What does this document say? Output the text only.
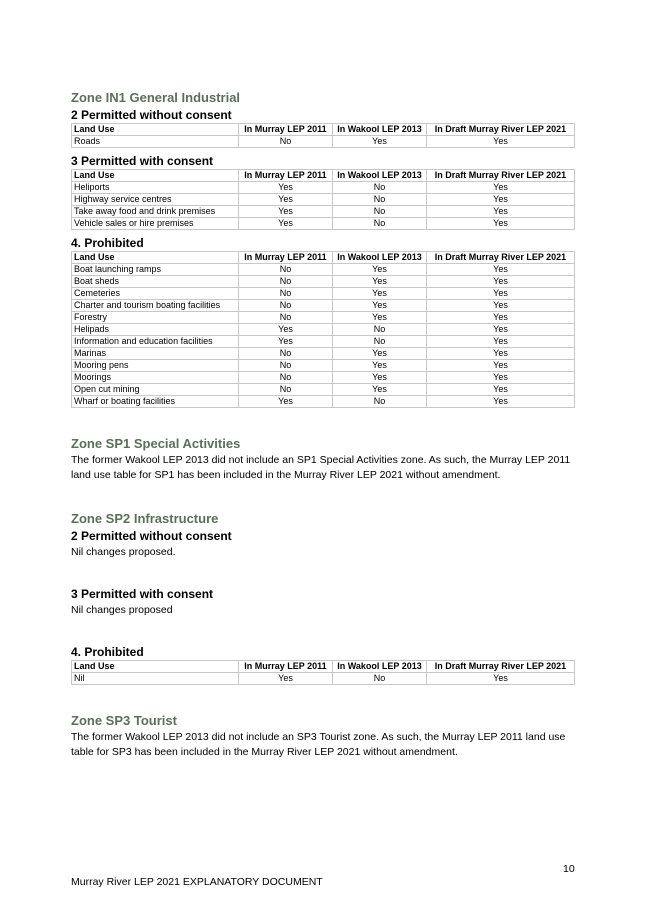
Zone IN1 General Industrial
2 Permitted without consent
Land Use	In Murray LEP 2011	In Wakool LEP 2013	In Draft Murray River LEP 2021
Roads	No	Yes	Yes
3 Permitted with consent
Land Use	In Murray LEP 2011	In Wakool LEP 2013	In Draft Murray River LEP 2021
Heliports	Yes	No	Yes
Highway service centres	Yes	No	Yes
Take away food and drink premises	Yes	No	Yes
Vehicle sales or hire premises	Yes	No	Yes
4. Prohibited
Land Use	In Murray LEP 2011	In Wakool LEP 2013	In Draft Murray River LEP 2021
Boat launching ramps	No	Yes	Yes
Boat sheds	No	Yes	Yes
Cemeteries	No	Yes	Yes
Charter and tourism boating facilities	No	Yes	Yes
Forestry	No	Yes	Yes
Helipads	Yes	No	Yes
Information and education facilities	Yes	No	Yes
Marinas	No	Yes	Yes
Mooring pens	No	Yes	Yes
Moorings	No	Yes	Yes
Open cut mining	No	Yes	Yes
Wharf or boating facilities	Yes	No	Yes
Zone SP1 Special Activities

The former Wakool LEP 2013 did not include an SP1 Special Activities zone. As such, the Murray LEP 2011 land use table for SP1 has been included in the Murray River LEP 2021 without amendment.

Zone SP2 Infrastructure
2 Permitted without consent

Nil changes proposed.

3 Permitted with consent

Nil changes proposed

4. Prohibited
Land Use	In Murray LEP 2011	In Wakool LEP 2013	In Draft Murray River LEP 2021
Nil	Yes	No	Yes
Zone SP3 Tourist

The former Wakool LEP 2013 did not include an SP3 Tourist zone. As such, the Murray LEP 2011 land use table for SP3 has been included in the Murray River LEP 2021 without amendment.

10
Murray River LEP 2021 EXPLANATORY DOCUMENT
